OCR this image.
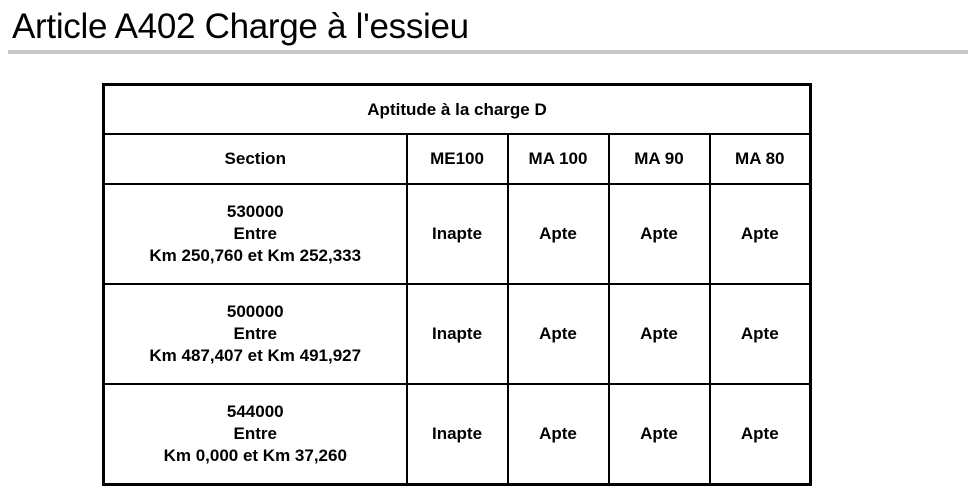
Article A402 Charge à l'essieu
Aptitude à la charge D				
Section	ME100	MA 100	MA 90	MA 80

530000
Entre
Km 250,760 et Km 252,333	Inapte	Apte	Apte	Apte

500000
Entre
Km 487,407 et Km 491,927	Inapte	Apte	Apte	Apte

544000
Entre
Km 0,000 et Km 37,260	Inapte	Apte	Apte	Apte
